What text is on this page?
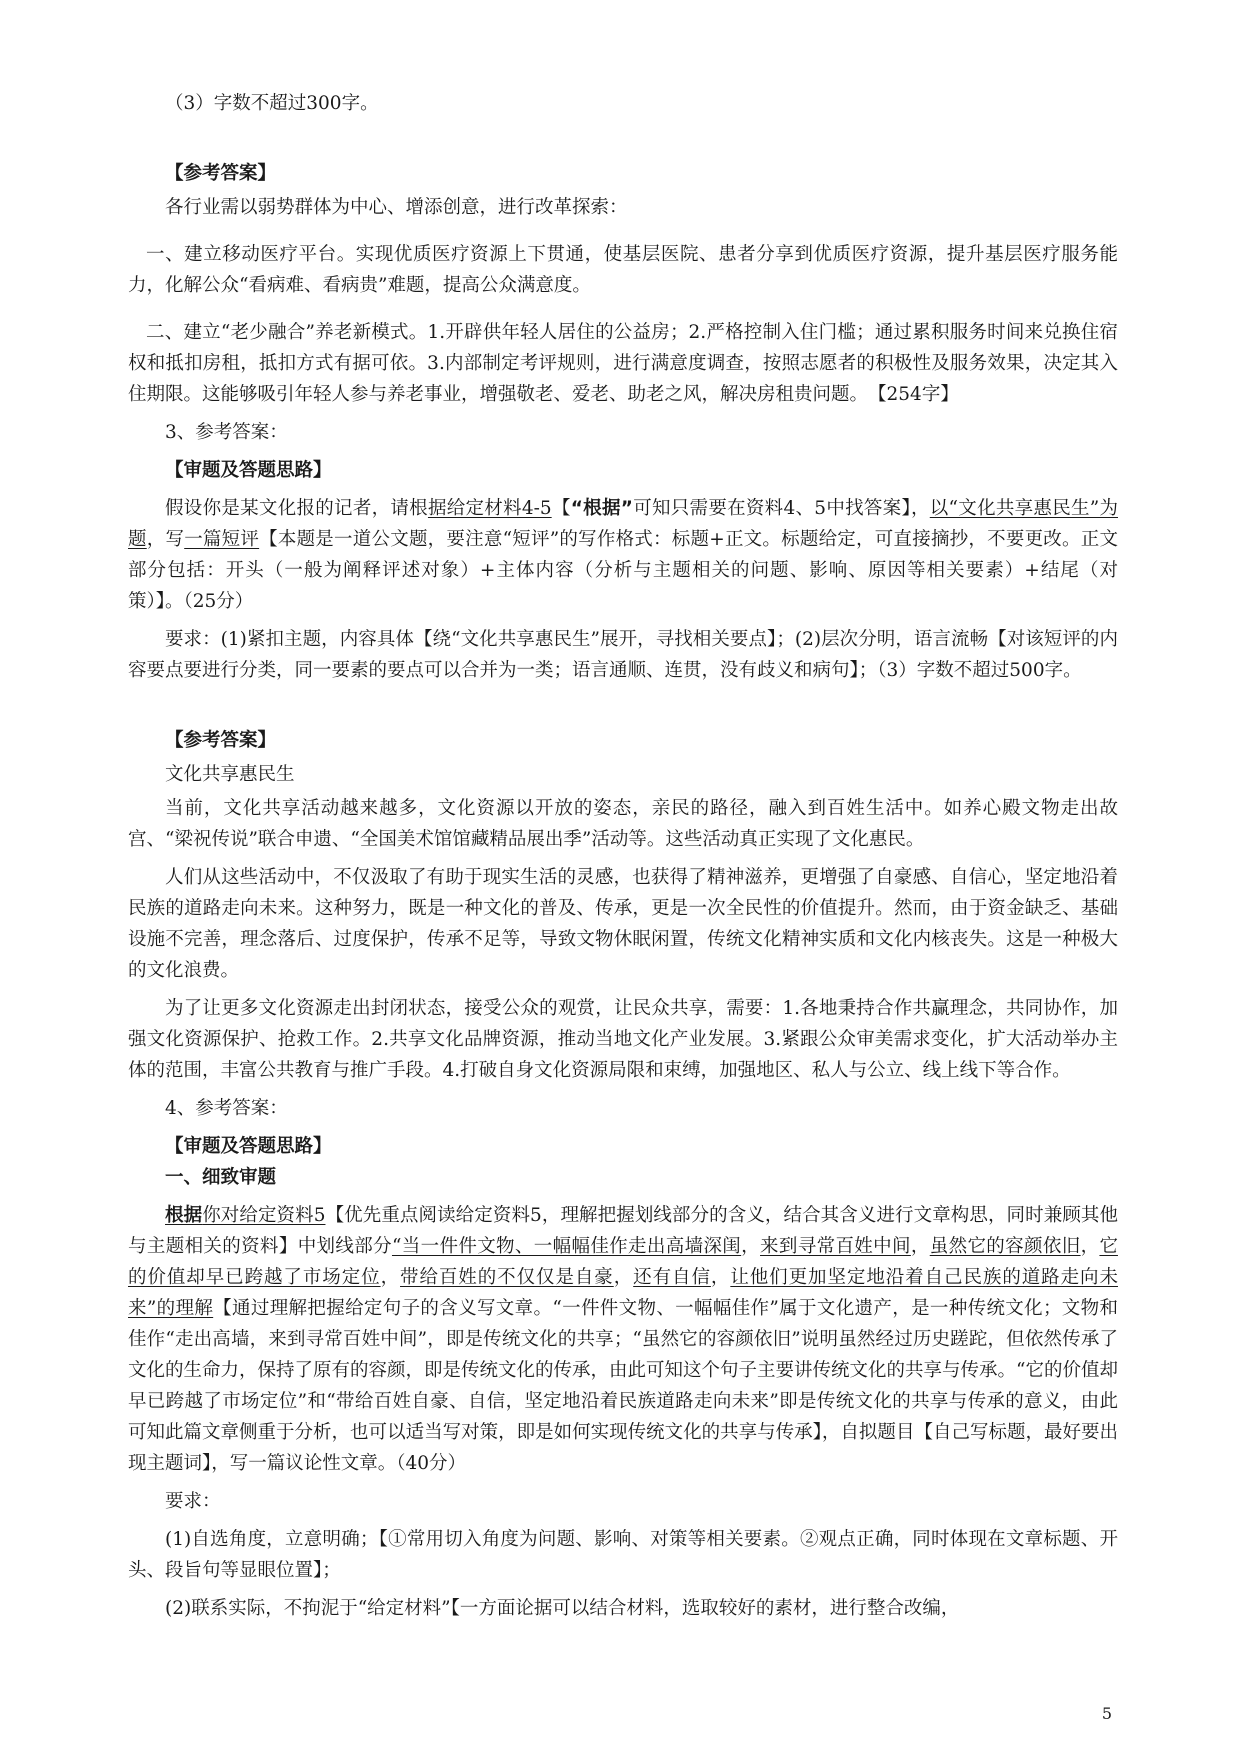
（3）字数不超过300字。

【参考答案】

各行业需以弱势群体为中心、增添创意，进行改革探索：

一、建立移动医疗平台。实现优质医疗资源上下贯通，使基层医院、患者分享到优质医疗资源，提升基层医疗服务能力，化解公众“看病难、看病贵”难题，提高公众满意度。

二、建立“老少融合”养老新模式。1.开辟供年轻人居住的公益房；2.严格控制入住门槛；通过累积服务时间来兑换住宿权和抵扣房租，抵扣方式有据可依。3.内部制定考评规则，进行满意度调查，按照志愿者的积极性及服务效果，决定其入住期限。这能够吸引年轻人参与养老事业，增强敬老、爱老、助老之风，解决房租贵问题。　【254字】

3、参考答案：

【审题及答题思路】

假设你是某文化报的记者，请根据给定材料4-5【“根据”可知只需要在资料4、5中找答案】，以“文化共享惠民生”为题，写一篇短评【本题是一道公文题，要注意“短评”的写作格式：标题+正文。标题给定，可直接摘抄，不要更改。正文部分包括：开头（一般为阐释评述对象）+主体内容（分析与主题相关的问题、影响、原因等相关要素）+结尾（对策）】。（25分）

要求：(1)紧扣主题，内容具体【绕“文化共享惠民生”展开，寻找相关要点】；(2)层次分明，语言流畅【对该短评的内容要点要进行分类，同一要素的要点可以合并为一类；语言通顺、连贯，没有歧义和病句】；（3）字数不超过500字。

【参考答案】

文化共享惠民生

当前，文化共享活动越来越多，文化资源以开放的姿态，亲民的路径，融入到百姓生活中。如养心殿文物走出故宫、“梁祝传说”联合申遗、“全国美术馆馆藏精品展出季”活动等。这些活动真正实现了文化惠民。

人们从这些活动中，不仅汲取了有助于现实生活的灵感，也获得了精神滋养，更增强了自豪感、自信心，坚定地沿着民族的道路走向未来。这种努力，既是一种文化的普及、传承，更是一次全民性的价值提升。然而，由于资金缺乏、基础设施不完善，理念落后、过度保护，传承不足等，导致文物休眠闲置，传统文化精神实质和文化内核丧失。这是一种极大的文化浪费。

为了让更多文化资源走出封闭状态，接受公众的观赏，让民众共享，需要：1.各地秉持合作共赢理念，共同协作，加强文化资源保护、抢救工作。2.共享文化品牌资源，推动当地文化产业发展。3.紧跟公众审美需求变化，扩大活动举办主体的范围，丰富公共教育与推广手段。4.打破自身文化资源局限和束缚，加强地区、私人与公立、线上线下等合作。

4、参考答案：

【审题及答题思路】

一、细致审题

根据你对给定资料5【优先重点阅读给定资料5，理解把握划线部分的含义，结合其含义进行文章构思，同时兼顾其他与主题相关的资料】中划线部分“当一件件文物、一幅幅佳作走出高墙深闺，来到寻常百姓中间，虽然它的容颜依旧，它的价值却早已跨越了市场定位，带给百姓的不仅仅是自豪，还有自信，让他们更加坚定地沿着自己民族的道路走向未来”的理解【通过理解把握给定句子的含义写文章。“一件件文物、一幅幅佳作”属于文化遗产，是一种传统文化；文物和佳作“走出高墙，来到寻常百姓中间”，即是传统文化的共享；“虽然它的容颜依旧”说明虽然经过历史蹉跎，但依然传承了文化的生命力，保持了原有的容颜，即是传统文化的传承，由此可知这个句子主要讲传统文化的共享与传承。“它的价值却早已跨越了市场定位”和“带给百姓自豪、自信，坚定地沿着民族道路走向未来”即是传统文化的共享与传承的意义，由此可知此篇文章侧重于分析，也可以适当写对策，即是如何实现传统文化的共享与传承】，自拟题目【自己写标题，最好要出现主题词】，写一篇议论性文章。（40分）

要求：

(1)自选角度，立意明确；【①常用切入角度为问题、影响、对策等相关要素。②观点正确，同时体现在文章标题、开头、段旨句等显眼位置】；

(2)联系实际，不拘泥于“给定材料”【一方面论据可以结合材料，选取较好的素材，进行整合改编，

5
